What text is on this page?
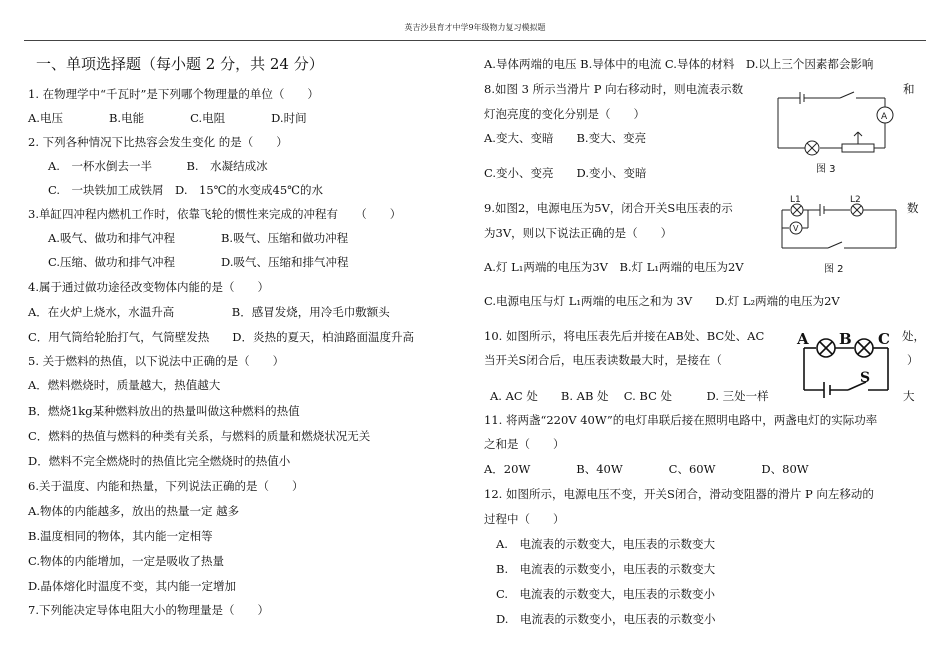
英吉沙县育才中学9年级物力复习模拟题
一、单项选择题（每小题 2 分，共 24 分）
1. 在物理学中“千瓦时”是下列哪个物理量的单位（　　）
A.电压　　　　B.电能　　　　C.电阻　　　　D.时间
2. 下列各种情况下比热容会发生变化 的是（　　）
A.　一杯水倒去一半　　　B.　水凝结成冰
C.　一块铁加工成铁屑　D.　15℃的水变成45℃的水
3.单缸四冲程内燃机工作时，依靠飞轮的惯性来完成的冲程有　　（　　）
A.吸气、做功和排气冲程　　　　B.吸气、压缩和做功冲程
C.压缩、做功和排气冲程　　　　D.吸气、压缩和排气冲程
4.属于通过做功途径改变物体内能的是（　　）
A．在火炉上烧水，水温升高　　　　　B．感冒发烧，用冷毛巾敷额头
C．用气筒给轮胎打气，气筒壁发热　　D．炎热的夏天，柏油路面温度升高
5. 关于燃料的热值，以下说法中正确的是（　　）
A．燃料燃烧时，质量越大，热值越大
B．燃烧1kg某种燃料放出的热量叫做这种燃料的热值
C．燃料的热值与燃料的种类有关系，与燃料的质量和燃烧状况无关
D．燃料不完全燃烧时的热值比完全燃烧时的热值小
6.关于温度、内能和热量，下列说法正确的是（　　）
A.物体的内能越多，放出的热量一定 越多
B.温度相同的物体，其内能一定相等
C.物体的内能增加，一定是吸收了热量
D.晶体熔化时温度不变，其内能一定增加
7.下列能决定导体电阻大小的物理量是（　　）
A.导体两端的电压 B.导体中的电流 C.导体的材料　D.以上三个因素都会影响
8.如图 3 所示当滑片 P 向右移动时，则电流表示数	和
灯泡亮度的变化分别是（　　）
A.变大、变暗　　B.变大、变亮
C.变小、变亮　　D.变小、变暗
9.如图2，电源电压为5V，闭合开关S电压表的示	数
为3V，则以下说法正确的是（　　）
A.灯 L₁两端的电压为3V　B.灯 L₁两端的电压为2V
C.电源电压与灯 L₁两端的电压之和为 3V　　D.灯 L₂两端的电压为2V
10. 如图所示，将电压表先后并接在AB处、BC处、AC	处，
当开关S闭合后，电压表读数最大时，是接在（	）
A. AC 处　　B. AB 处　 C. BC 处　　　D. 三处一样	大
11. 将两盏“220V 40W”的电灯串联后接在照明电路中，两盏电灯的实际功率
之和是（　　）
A．20W　　　　B、40W　　　　C、60W　　　　D、80W
12. 如图所示，电源电压不变，开关S闭合，滑动变阻器的滑片 P 向左移动的
过程中（　　）
A.　电流表的示数变大，电压表的示数变大
B.　电流表的示数变小，电压表的示数变大
C.　电流表的示数变大，电压表的示数变小
D.　电流表的示数变小，电压表的示数变小
A
图 3
V
L1	L2
图 2
A B C
S
